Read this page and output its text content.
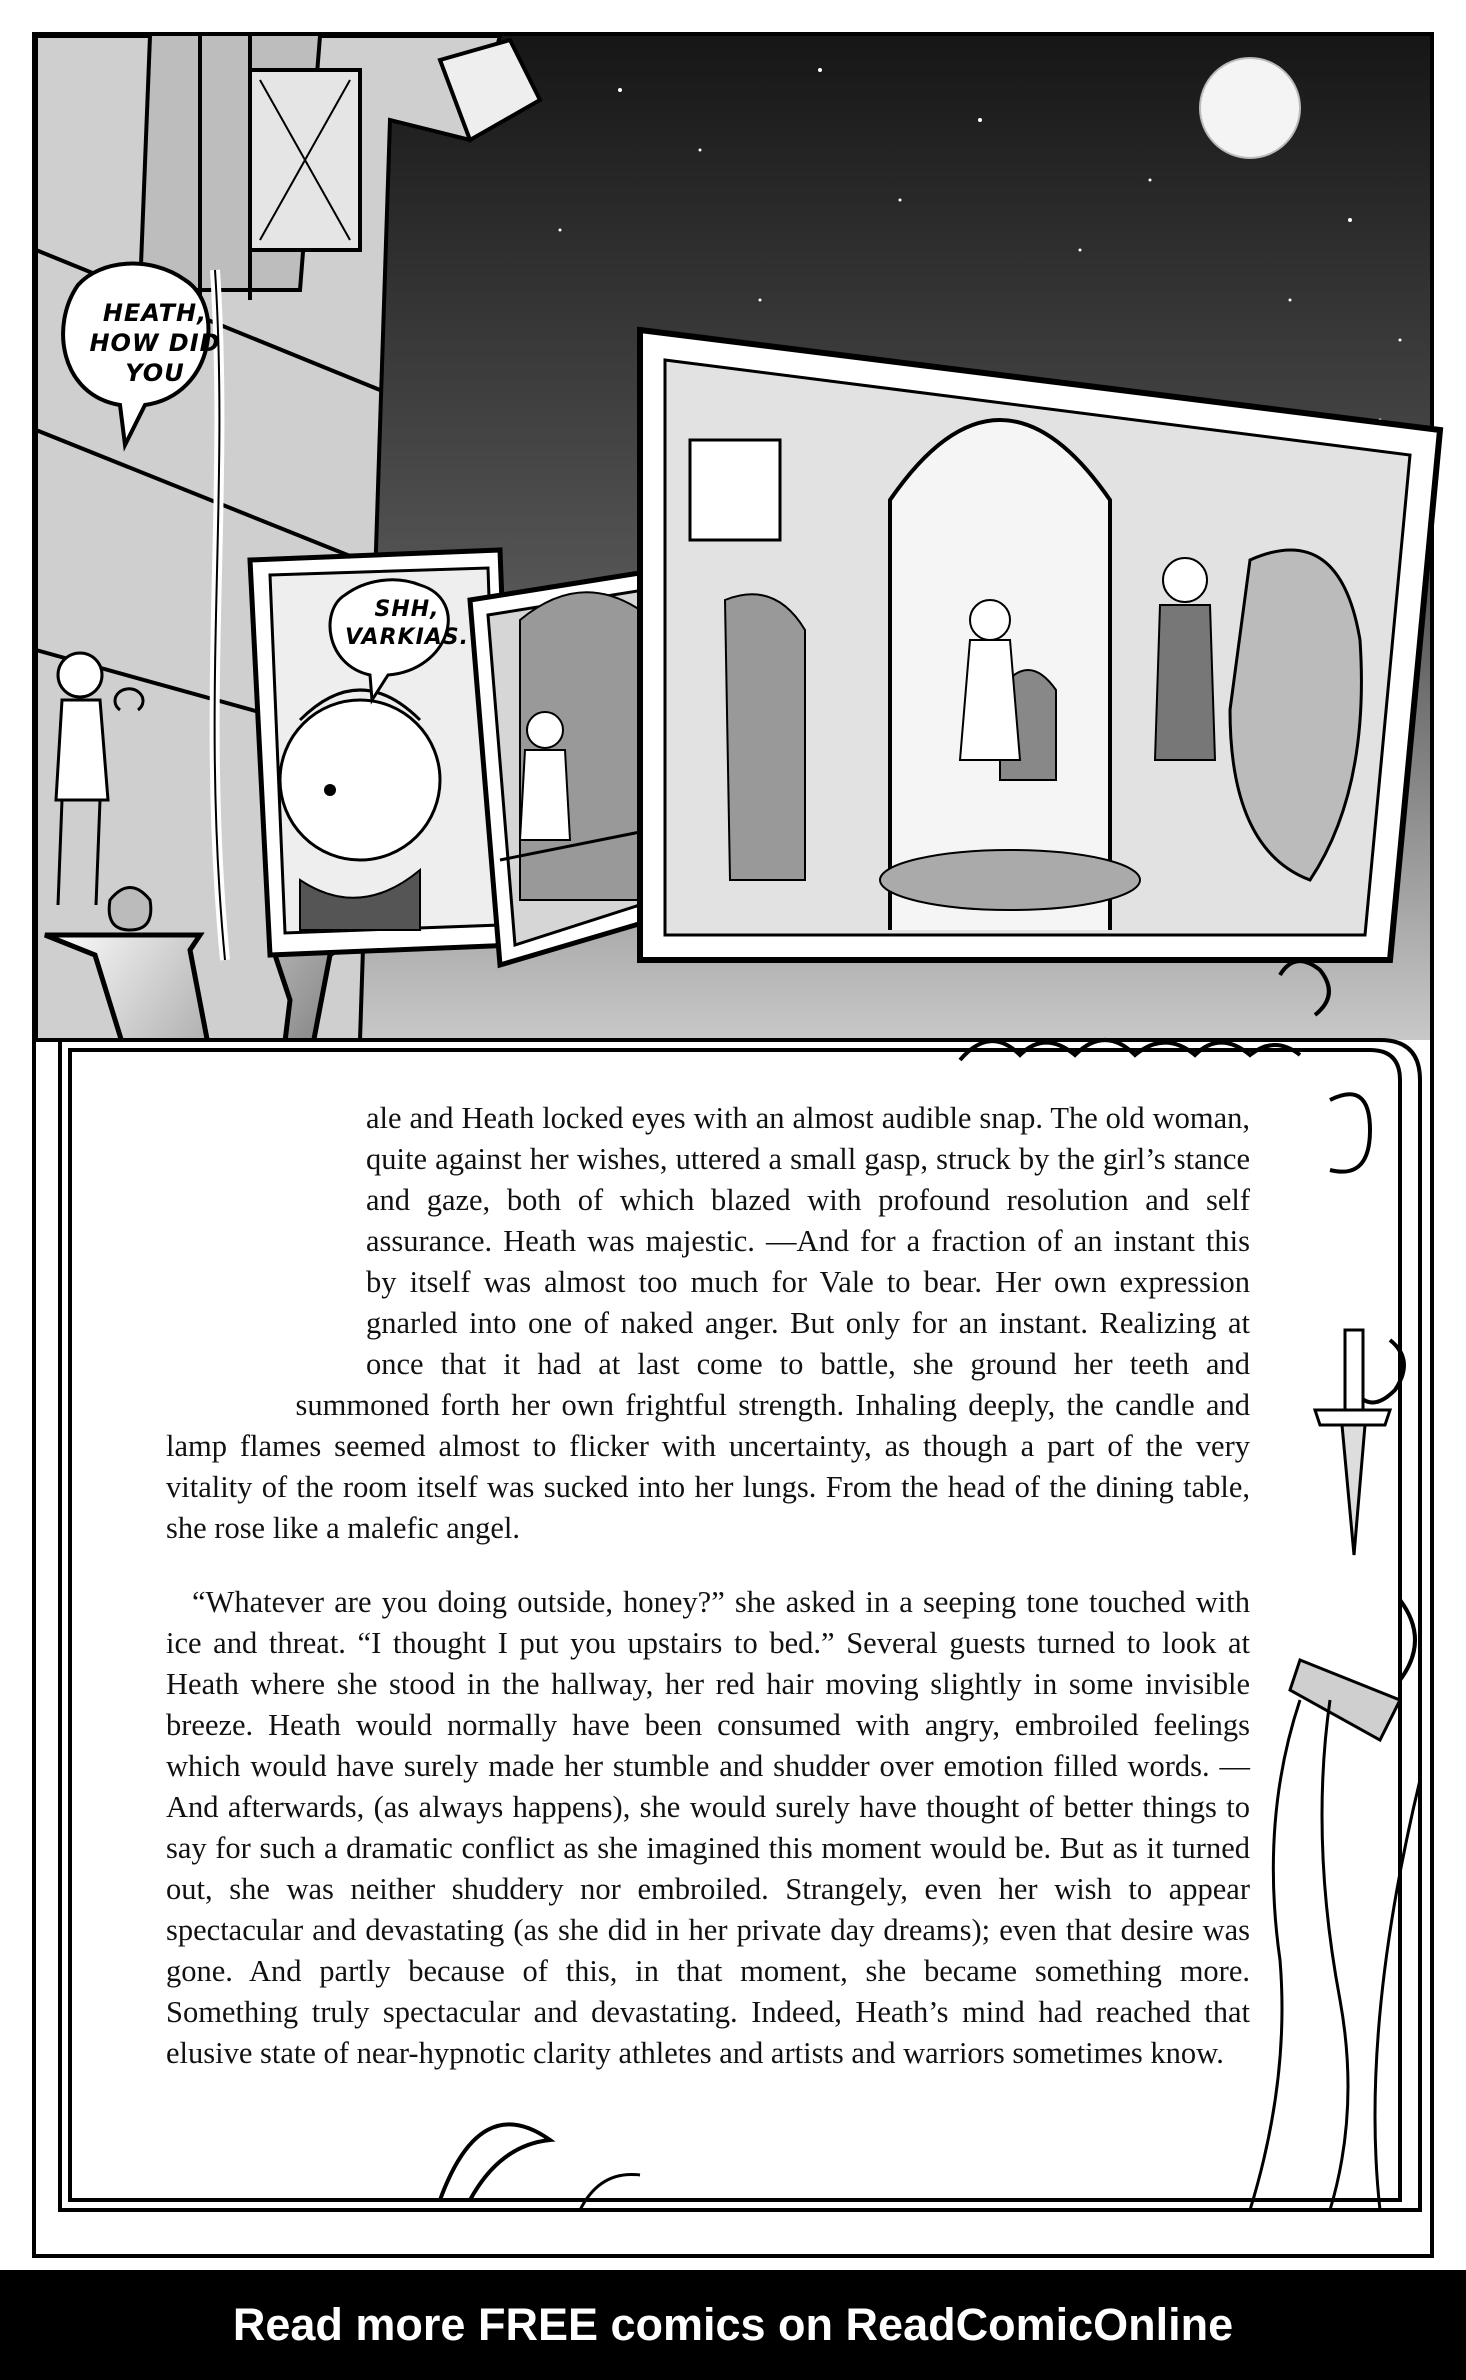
HEATH, HOW DID YOU
SHH, VARKIAS.

ale and Heath locked eyes with an almost audible snap. The old woman, quite against her wishes, uttered a small gasp, struck by the girl’s stance and gaze, both of which blazed with profound resolution and self assurance. Heath was majestic. —And for a fraction of an instant this by itself was almost too much for Vale to bear. Her own expression gnarled into one of naked anger. But only for an instant. Realizing at once that it had at last come to battle, she ground her teeth and summoned forth her own frightful strength. Inhaling deeply, the candle and lamp flames seemed almost to flicker with uncertainty, as though a part of the very vitality of the room itself was sucked into her lungs. From the head of the dining table, she rose like a malefic angel.

“Whatever are you doing outside, honey?” she asked in a seeping tone touched with ice and threat. “I thought I put you upstairs to bed.” Several guests turned to look at Heath where she stood in the hallway, her red hair moving slightly in some invisible breeze. Heath would normally have been consumed with angry, embroiled feelings which would have surely made her stumble and shudder over emotion filled words. —And afterwards, (as always happens), she would surely have thought of better things to say for such a dramatic conflict as she imagined this moment would be. But as it turned out, she was neither shuddery nor embroiled. Strangely, even her wish to appear spectacular and devastating (as she did in her private day dreams); even that desire was gone. And partly because of this, in that moment, she became something more. Something truly spectacular and devastating. Indeed, Heath’s mind had reached that elusive state of near-hypnotic clarity athletes and artists and warriors sometimes know.

Read more FREE comics on ReadComicOnline
